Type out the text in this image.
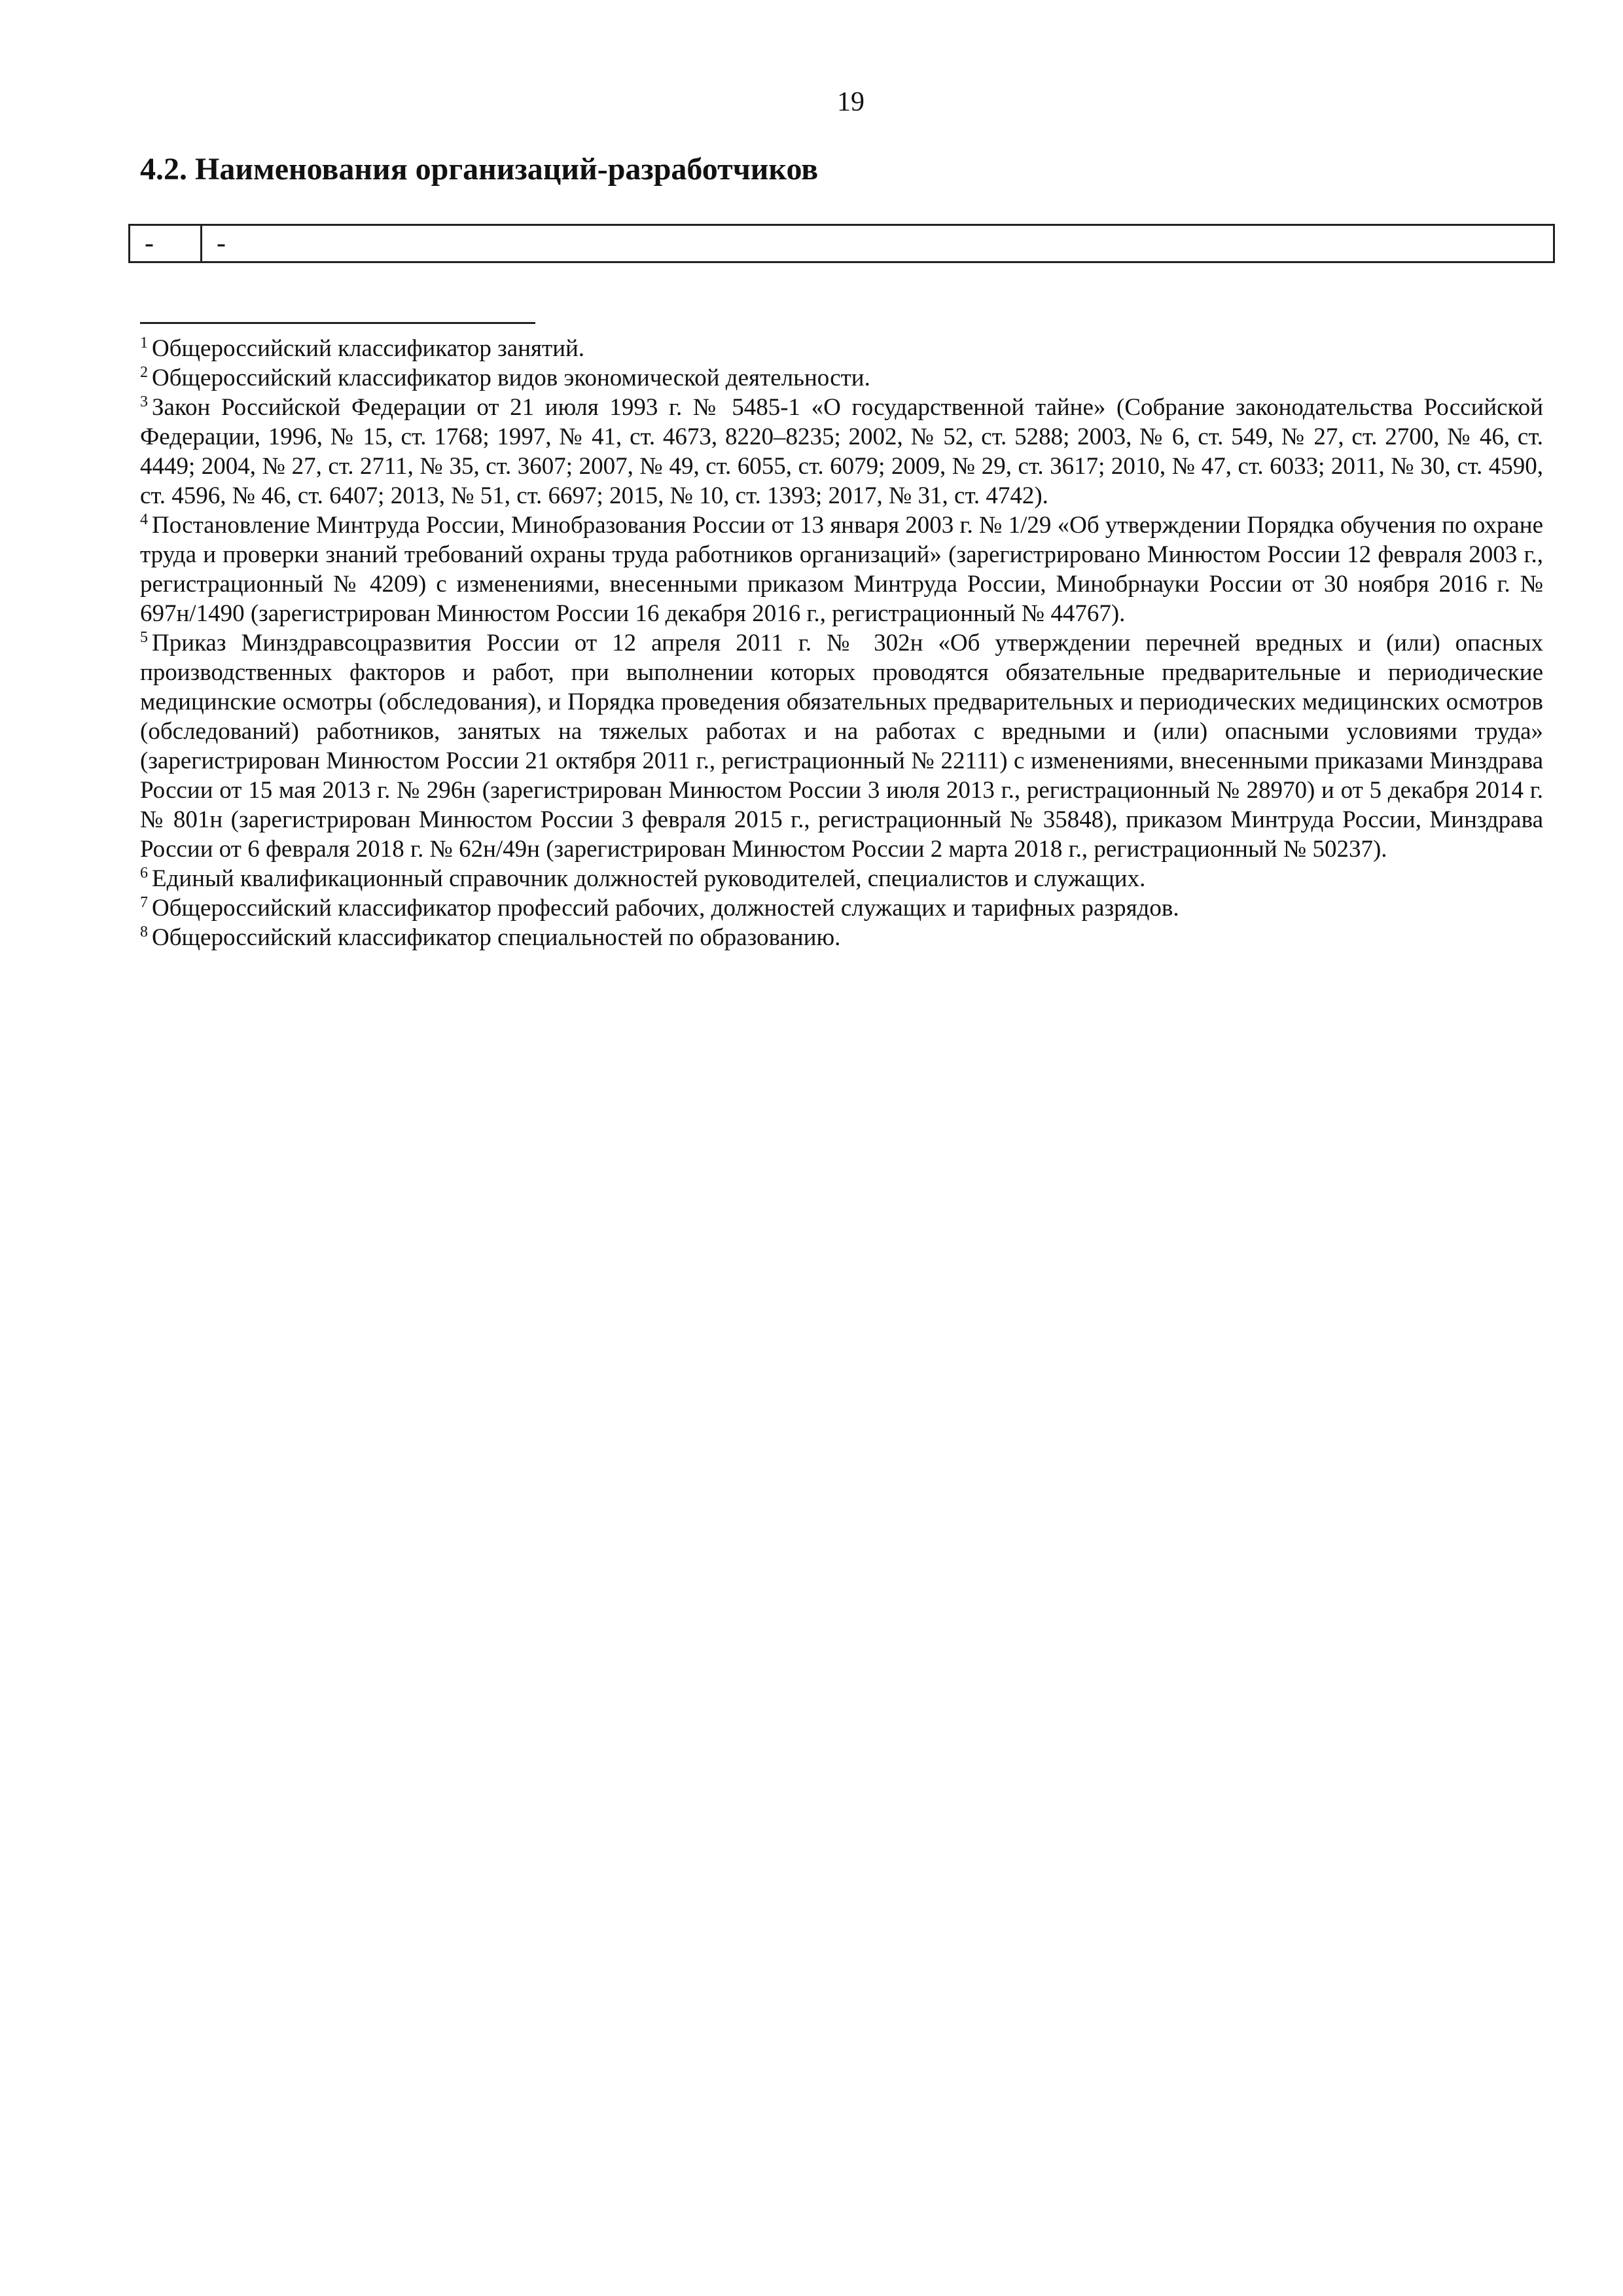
19
4.2. Наименования организаций-разработчиков
-	-

$^1$ Общероссийский классификатор занятий.

$^2$ Общероссийский классификатор видов экономической деятельности.

$^3$ Закон Российской Федерации от 21 июля 1993 г. № 5485-1 «О государственной тайне» (Собрание законодательства Российской Федерации, 1996, № 15, ст. 1768; 1997, № 41, ст. 4673, 8220–8235; 2002, № 52, ст. 5288; 2003, № 6, ст. 549, № 27, ст. 2700, № 46, ст. 4449; 2004, № 27, ст. 2711, № 35, ст. 3607; 2007, № 49, ст. 6055, ст. 6079; 2009, № 29, ст. 3617; 2010, № 47, ст. 6033; 2011, № 30, ст. 4590, ст. 4596, № 46, ст. 6407; 2013, № 51, ст. 6697; 2015, № 10, ст. 1393; 2017, № 31, ст. 4742).

$^4$ Постановление Минтруда России, Минобразования России от 13 января 2003 г. № 1/29 «Об утверждении Порядка обучения по охране труда и проверки знаний требований охраны труда работников организаций» (зарегистрировано Минюстом России 12 февраля 2003 г., регистрационный № 4209) с изменениями, внесенными приказом Минтруда России, Минобрнауки России от 30 ноября 2016 г. № 697н/1490 (зарегистрирован Минюстом России 16 декабря 2016 г., регистрационный № 44767).

$^5$ Приказ Минздравсоцразвития России от 12 апреля 2011 г. № 302н «Об утверждении перечней вредных и (или) опасных производственных факторов и работ, при выполнении которых проводятся обязательные предварительные и периодические медицинские осмотры (обследования), и Порядка проведения обязательных предварительных и периодических медицинских осмотров (обследований) работников, занятых на тяжелых работах и на работах с вредными и (или) опасными условиями труда» (зарегистрирован Минюстом России 21 октября 2011 г., регистрационный № 22111) с изменениями, внесенными приказами Минздрава России от 15 мая 2013 г. № 296н (зарегистрирован Минюстом России 3 июля 2013 г., регистрационный № 28970) и от 5 декабря 2014 г. № 801н (зарегистрирован Минюстом России 3 февраля 2015 г., регистрационный № 35848), приказом Минтруда России, Минздрава России от 6 февраля 2018 г. № 62н/49н (зарегистрирован Минюстом России 2 марта 2018 г., регистрационный № 50237).

$^6$ Единый квалификационный справочник должностей руководителей, специалистов и служащих.

$^7$ Общероссийский классификатор профессий рабочих, должностей служащих и тарифных разрядов.

$^8$ Общероссийский классификатор специальностей по образованию.
